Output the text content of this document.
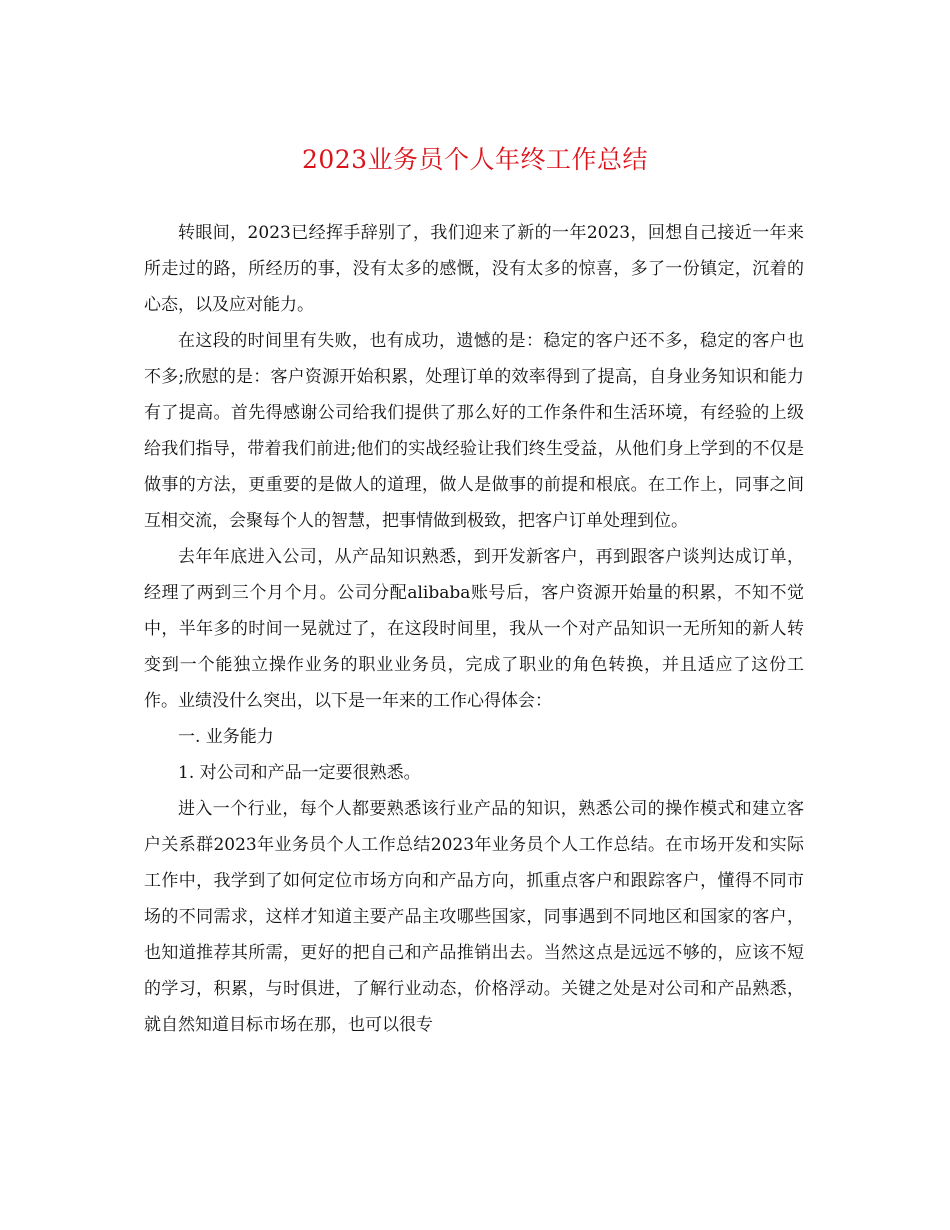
2023业务员个人年终工作总结

转眼间，2023已经挥手辞别了，我们迎来了新的一年2023，回想自己接近一年来所走过的路，所经历的事，没有太多的感慨，没有太多的惊喜，多了一份镇定，沉着的心态，以及应对能力。

在这段的时间里有失败，也有成功，遗憾的是：稳定的客户还不多，稳定的客户也不多;欣慰的是：客户资源开始积累，处理订单的效率得到了提高，自身业务知识和能力有了提高。首先得感谢公司给我们提供了那么好的工作条件和生活环境，有经验的上级给我们指导，带着我们前进;他们的实战经验让我们终生受益，从他们身上学到的不仅是做事的方法，更重要的是做人的道理，做人是做事的前提和根底。在工作上，同事之间互相交流，会聚每个人的智慧，把事情做到极致，把客户订单处理到位。

去年年底进入公司，从产品知识熟悉，到开发新客户，再到跟客户谈判达成订单，经理了两到三个月个月。公司分配alibaba账号后，客户资源开始量的积累，不知不觉中，半年多的时间一晃就过了，在这段时间里，我从一个对产品知识一无所知的新人转变到一个能独立操作业务的职业业务员，完成了职业的角色转换，并且适应了这份工作。业绩没什么突出，以下是一年来的工作心得体会：

一. 业务能力

1. 对公司和产品一定要很熟悉。

进入一个行业，每个人都要熟悉该行业产品的知识，熟悉公司的操作模式和建立客户关系群2023年业务员个人工作总结2023年业务员个人工作总结。在市场开发和实际工作中，我学到了如何定位市场方向和产品方向，抓重点客户和跟踪客户，懂得不同市场的不同需求，这样才知道主要产品主攻哪些国家，同事遇到不同地区和国家的客户，也知道推荐其所需，更好的把自己和产品推销出去。当然这点是远远不够的，应该不短的学习，积累，与时俱进，了解行业动态，价格浮动。关键之处是对公司和产品熟悉，就自然知道目标市场在那，也可以很专
